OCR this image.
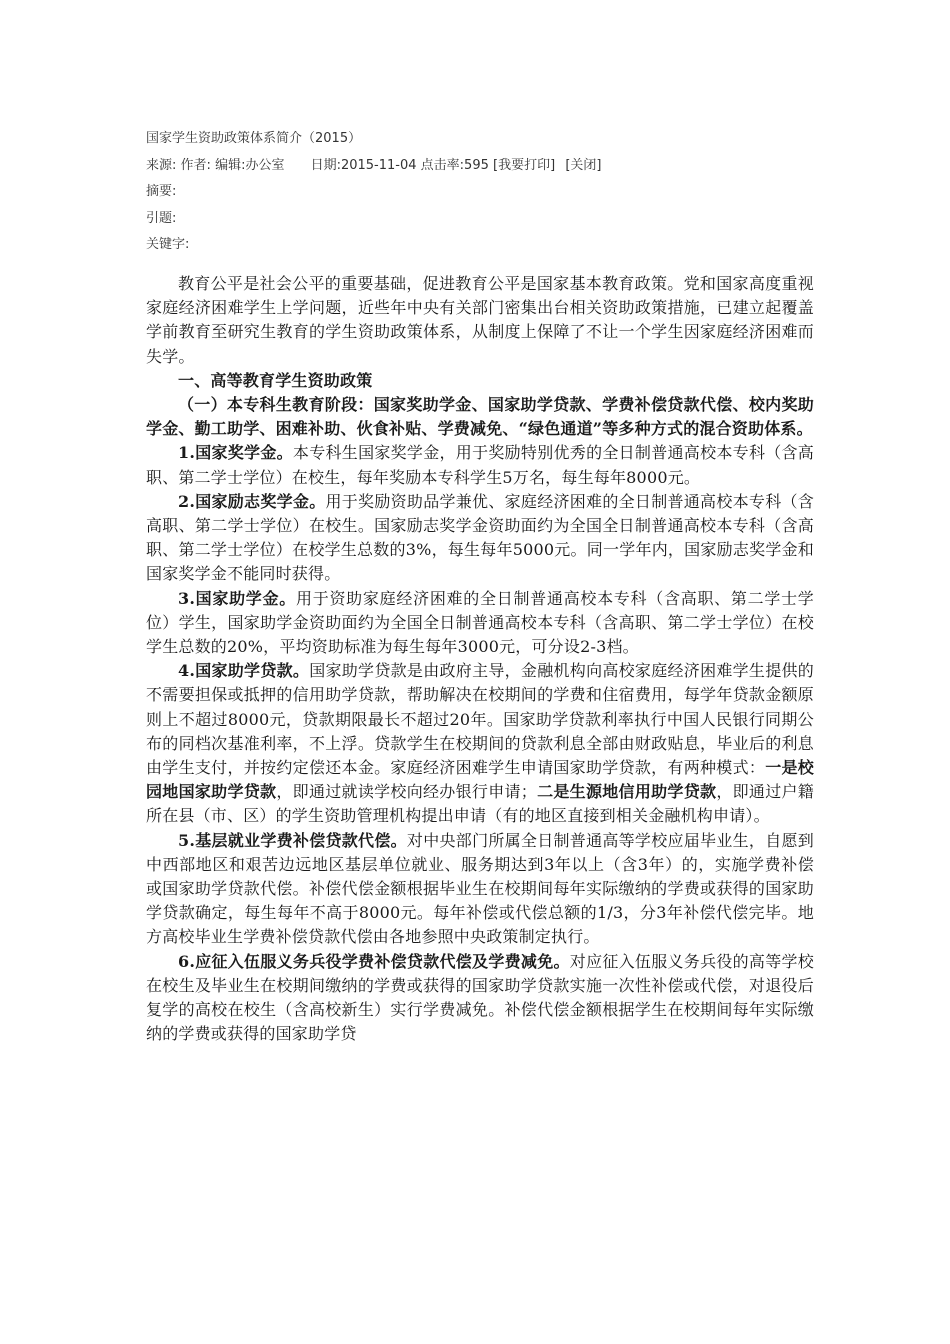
国家学生资助政策体系简介（2015）
来源: 作者: 编辑:办公室 日期:2015-11-04 点击率:595 [我要打印] [关闭]
摘要:
引题:
关键字:

教育公平是社会公平的重要基础，促进教育公平是国家基本教育政策。党和国家高度重视家庭经济困难学生上学问题，近些年中央有关部门密集出台相关资助政策措施，已建立起覆盖学前教育至研究生教育的学生资助政策体系，从制度上保障了不让一个学生因家庭经济困难而失学。

一、高等教育学生资助政策

（一）本专科生教育阶段：国家奖助学金、国家助学贷款、学费补偿贷款代偿、校内奖助学金、勤工助学、困难补助、伙食补贴、学费减免、“绿色通道”等多种方式的混合资助体系。

1.国家奖学金。本专科生国家奖学金，用于奖励特别优秀的全日制普通高校本专科（含高职、第二学士学位）在校生，每年奖励本专科学生5万名，每生每年8000元。

2.国家励志奖学金。用于奖励资助品学兼优、家庭经济困难的全日制普通高校本专科（含高职、第二学士学位）在校生。国家励志奖学金资助面约为全国全日制普通高校本专科（含高职、第二学士学位）在校学生总数的3%，每生每年5000元。同一学年内，国家励志奖学金和国家奖学金不能同时获得。

3.国家助学金。用于资助家庭经济困难的全日制普通高校本专科（含高职、第二学士学位）学生，国家助学金资助面约为全国全日制普通高校本专科（含高职、第二学士学位）在校学生总数的20%，平均资助标准为每生每年3000元，可分设2-3档。

4.国家助学贷款。国家助学贷款是由政府主导，金融机构向高校家庭经济困难学生提供的不需要担保或抵押的信用助学贷款，帮助解决在校期间的学费和住宿费用，每学年贷款金额原则上不超过8000元，贷款期限最长不超过20年。国家助学贷款利率执行中国人民银行同期公布的同档次基准利率，不上浮。贷款学生在校期间的贷款利息全部由财政贴息，毕业后的利息由学生支付，并按约定偿还本金。家庭经济困难学生申请国家助学贷款，有两种模式：一是校园地国家助学贷款，即通过就读学校向经办银行申请；二是生源地信用助学贷款，即通过户籍所在县（市、区）的学生资助管理机构提出申请（有的地区直接到相关金融机构申请）。

5.基层就业学费补偿贷款代偿。对中央部门所属全日制普通高等学校应届毕业生，自愿到中西部地区和艰苦边远地区基层单位就业、服务期达到3年以上（含3年）的，实施学费补偿或国家助学贷款代偿。补偿代偿金额根据毕业生在校期间每年实际缴纳的学费或获得的国家助学贷款确定，每生每年不高于8000元。每年补偿或代偿总额的1/3，分3年补偿代偿完毕。地方高校毕业生学费补偿贷款代偿由各地参照中央政策制定执行。

6.应征入伍服义务兵役学费补偿贷款代偿及学费减免。对应征入伍服义务兵役的高等学校在校生及毕业生在校期间缴纳的学费或获得的国家助学贷款实施一次性补偿或代偿，对退役后复学的高校在校生（含高校新生）实行学费减免。补偿代偿金额根据学生在校期间每年实际缴纳的学费或获得的国家助学贷
